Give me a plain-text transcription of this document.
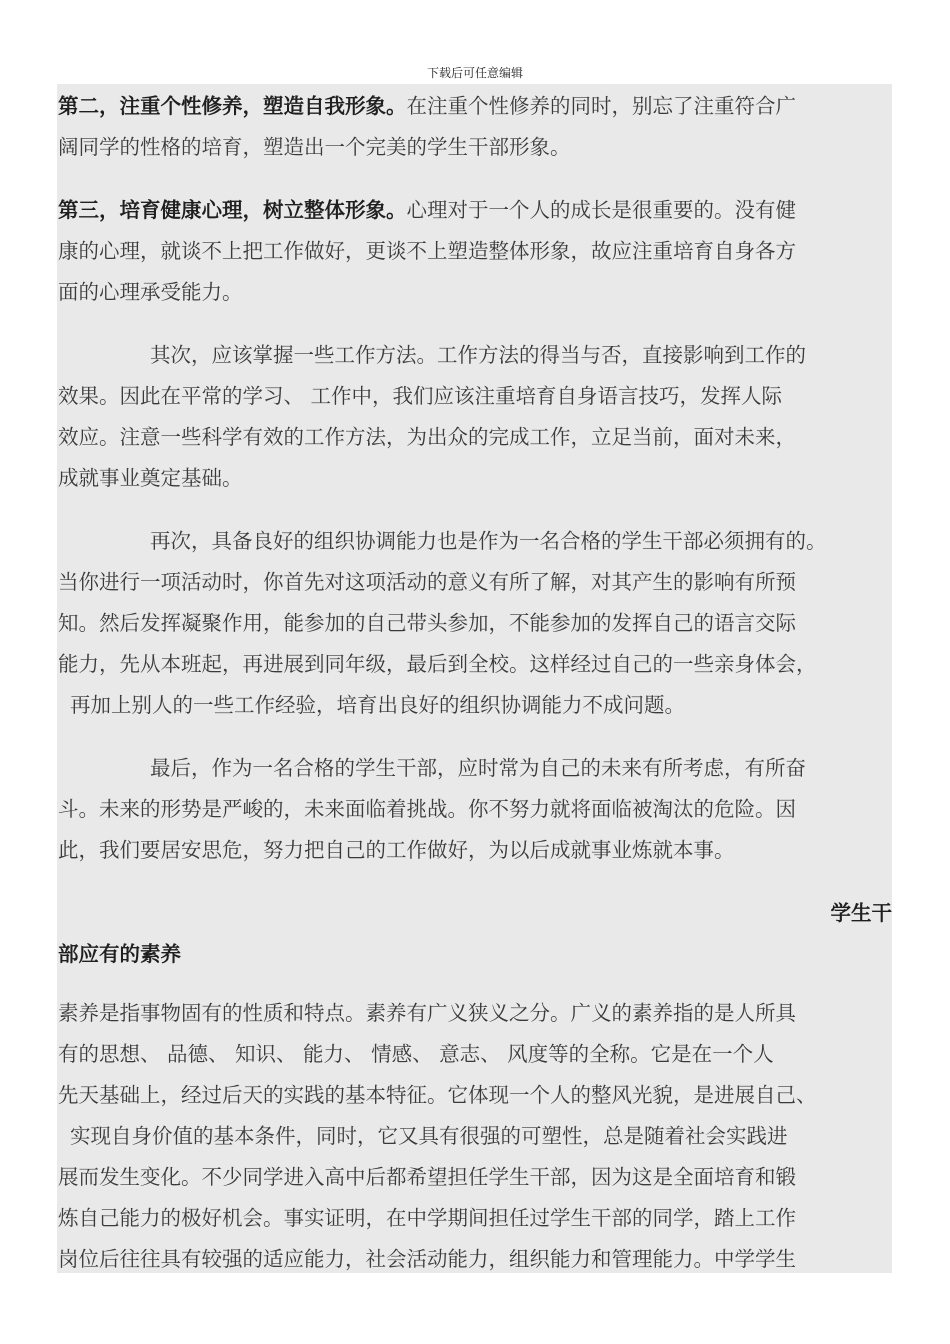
下载后可任意编辑

第二，注重个性修养，塑造自我形象。在注重个性修养的同时，别忘了注重符合广

阔同学的性格的培育，塑造出一个完美的学生干部形象。

第三，培育健康心理，树立整体形象。心理对于一个人的成长是很重要的。没有健

康的心理，就谈不上把工作做好，更谈不上塑造整体形象，故应注重培育自身各方

面的心理承受能力。

其次，应该掌握一些工作方法。工作方法的得当与否，直接影响到工作的

效果。因此在平常的学习、 工作中，我们应该注重培育自身语言技巧，发挥人际

效应。注意一些科学有效的工作方法，为出众的完成工作，立足当前，面对未来，

成就事业奠定基础。

再次，具备良好的组织协调能力也是作为一名合格的学生干部必须拥有的。

当你进行一项活动时，你首先对这项活动的意义有所了解，对其产生的影响有所预

知。然后发挥凝聚作用，能参加的自己带头参加，不能参加的发挥自己的语言交际

能力，先从本班起，再进展到同年级，最后到全校。这样经过自己的一些亲身体会，

再加上别人的一些工作经验，培育出良好的组织协调能力不成问题。

最后，作为一名合格的学生干部，应时常为自己的未来有所考虑，有所奋

斗。未来的形势是严峻的，未来面临着挑战。你不努力就将面临被淘汰的危险。因

此，我们要居安思危，努力把自己的工作做好，为以后成就事业炼就本事。

学生干

部应有的素养

素养是指事物固有的性质和特点。素养有广义狭义之分。广义的素养指的是人所具

有的思想、 品德、 知识、 能力、 情感、 意志、 风度等的全称。它是在一个人

先天基础上，经过后天的实践的基本特征。它体现一个人的整风光貌，是进展自己、

实现自身价值的基本条件，同时，它又具有很强的可塑性，总是随着社会实践进

展而发生变化。不少同学进入高中后都希望担任学生干部，因为这是全面培育和锻

炼自己能力的极好机会。事实证明，在中学期间担任过学生干部的同学，踏上工作

岗位后往往具有较强的适应能力，社会活动能力，组织能力和管理能力。中学学生
